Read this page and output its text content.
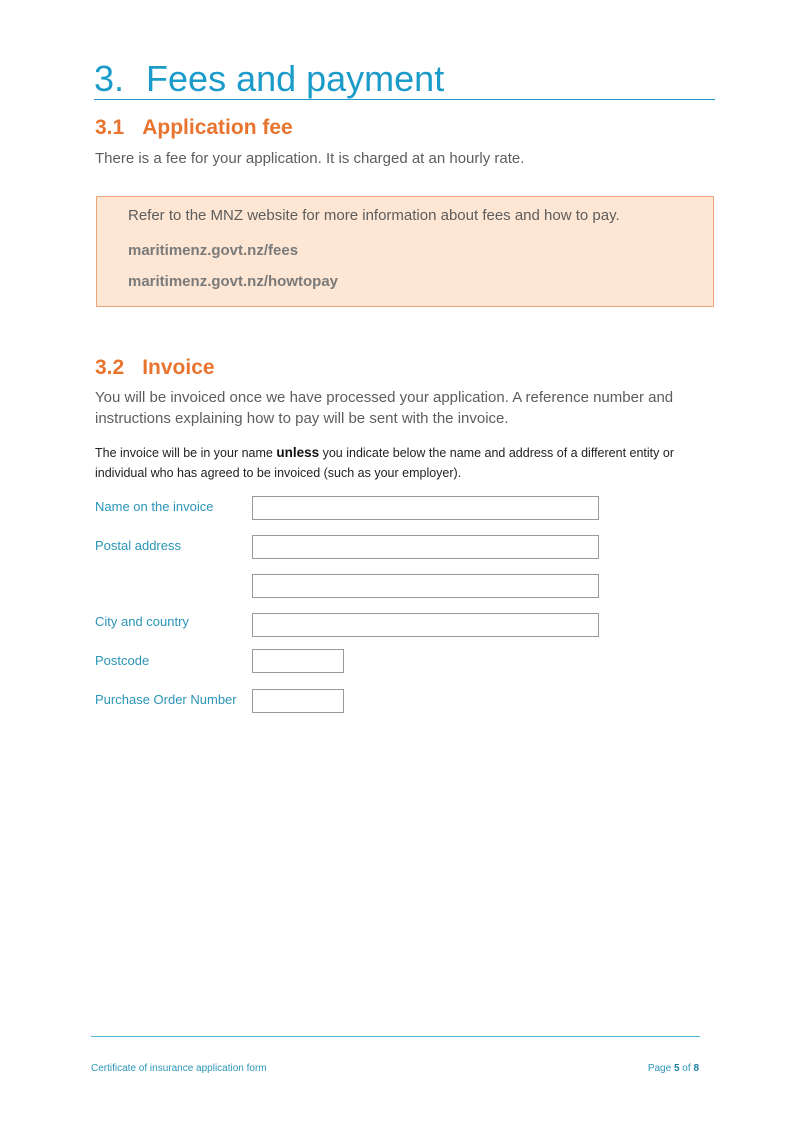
3. Fees and payment
3.1 Application fee

There is a fee for your application. It is charged at an hourly rate.

Refer to the MNZ website for more information about fees and how to pay.

maritimenz.govt.nz/fees
maritimenz.govt.nz/howtopay
3.2 Invoice

You will be invoiced once we have processed your application. A reference number and instructions explaining how to pay will be sent with the invoice.

The invoice will be in your name unless you indicate below the name and address of a different entity or individual who has agreed to be invoiced (such as your employer).

Name on the invoice

Postal address

City and country

Postcode

Purchase Order Number

Certificate of insurance application form	Page 5 of 8
